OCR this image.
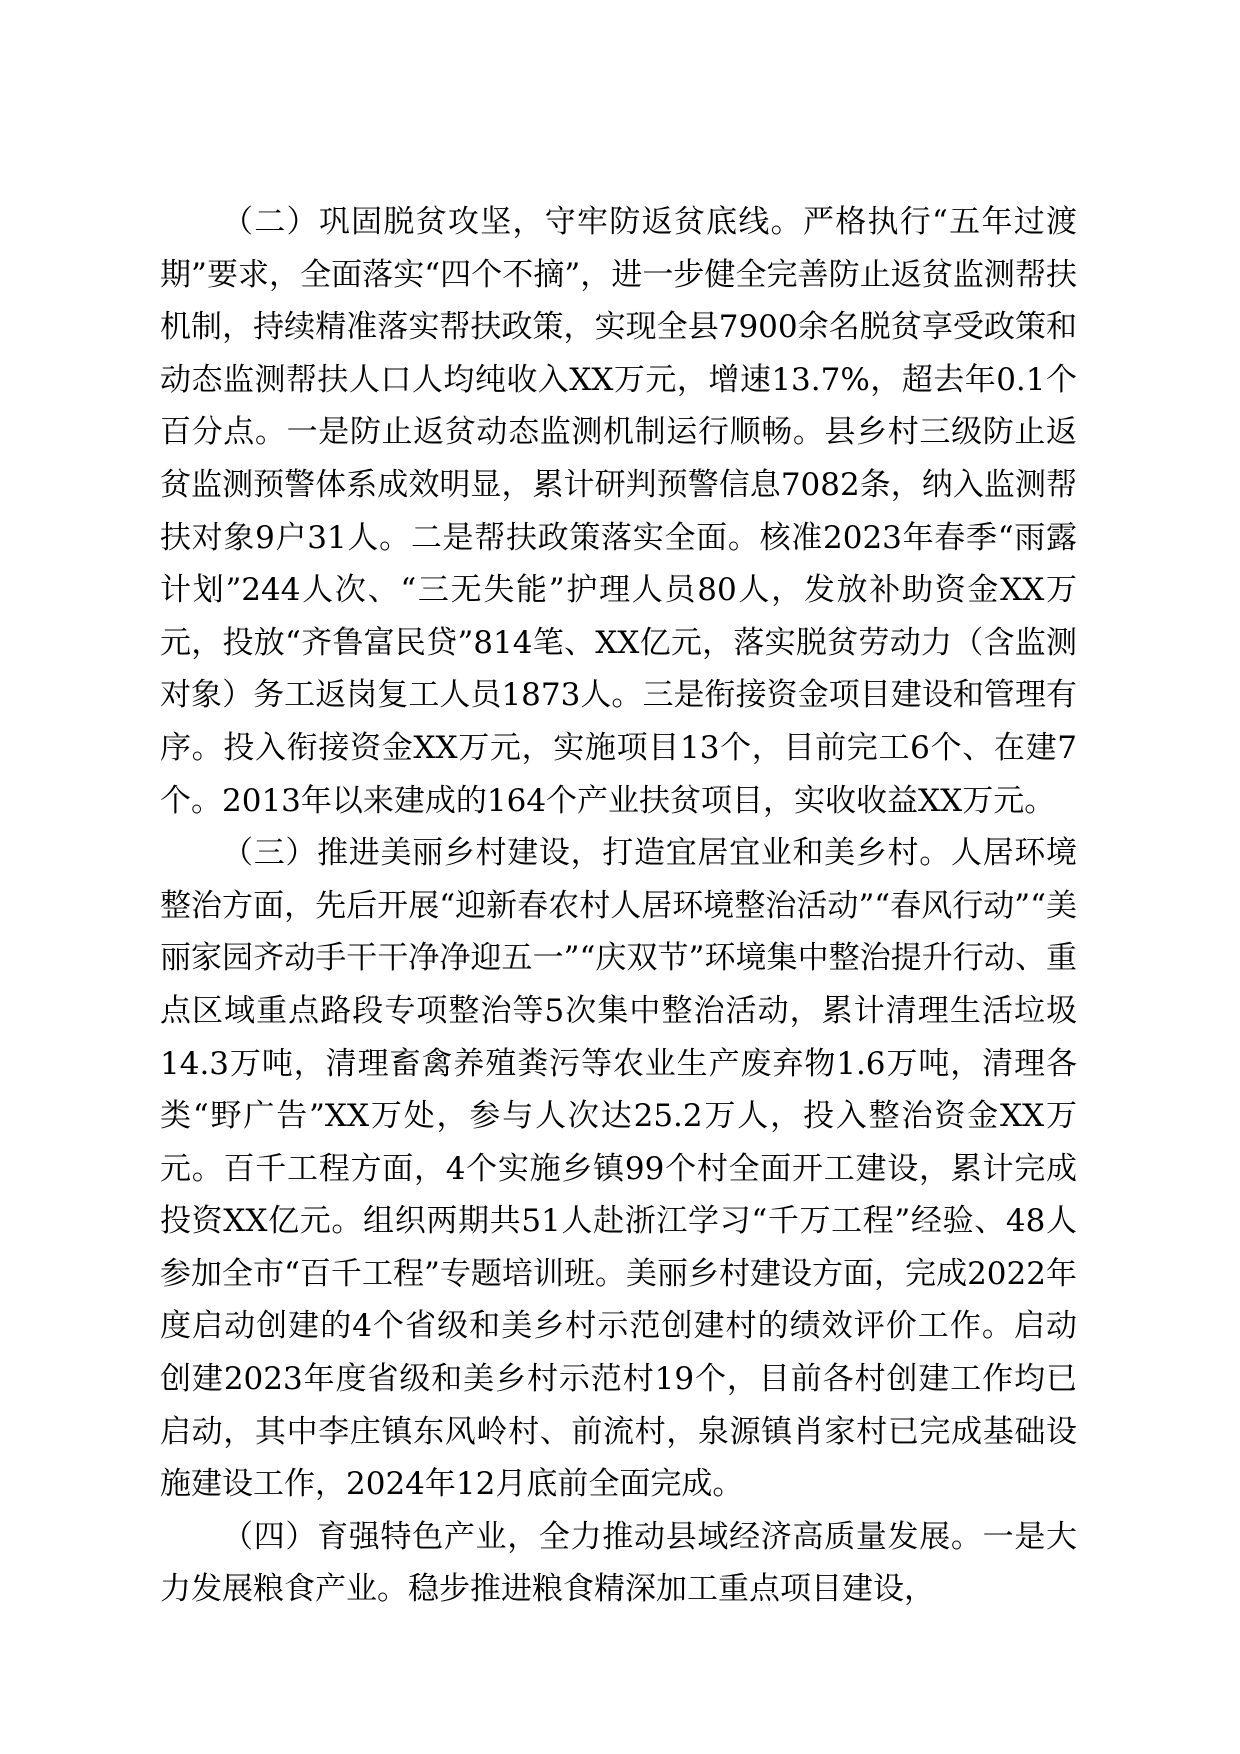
（二）巩固脱贫攻坚，守牢防返贫底线。严格执行“五年过渡期”要求，全面落实“四个不摘”，进一步健全完善防止返贫监测帮扶机制，持续精准落实帮扶政策，实现全县7900余名脱贫享受政策和动态监测帮扶人口人均纯收入XX万元，增速13.7%，超去年0.1个百分点。一是防止返贫动态监测机制运行顺畅。县乡村三级防止返贫监测预警体系成效明显，累计研判预警信息7082条，纳入监测帮扶对象9户31人。二是帮扶政策落实全面。核准2023年春季“雨露计划”244人次、“三无失能”护理人员80人，发放补助资金XX万元，投放“齐鲁富民贷”814笔、XX亿元，落实脱贫劳动力（含监测对象）务工返岗复工人员1873人。三是衔接资金项目建设和管理有序。投入衔接资金XX万元，实施项目13个，目前完工6个、在建7个。2013年以来建成的164个产业扶贫项目，实收收益XX万元。

（三）推进美丽乡村建设，打造宜居宜业和美乡村。人居环境整治方面，先后开展“迎新春农村人居环境整治活动”“春风行动”“美丽家园齐动手干干净净迎五一”“庆双节”环境集中整治提升行动、重点区域重点路段专项整治等5次集中整治活动，累计清理生活垃圾14.3万吨，清理畜禽养殖粪污等农业生产废弃物1.6万吨，清理各类“野广告”XX万处，参与人次达25.2万人，投入整治资金XX万元。百千工程方面，4个实施乡镇99个村全面开工建设，累计完成投资XX亿元。组织两期共51人赴浙江学习“千万工程”经验、48人参加全市“百千工程”专题培训班。美丽乡村建设方面，完成2022年度启动创建的4个省级和美乡村示范创建村的绩效评价工作。启动创建2023年度省级和美乡村示范村19个，目前各村创建工作均已启动，其中李庄镇东风岭村、前流村，泉源镇肖家村已完成基础设施建设工作，2024年12月底前全面完成。

（四）育强特色产业，全力推动县域经济高质量发展。一是大力发展粮食产业。稳步推进粮食精深加工重点项目建设，
